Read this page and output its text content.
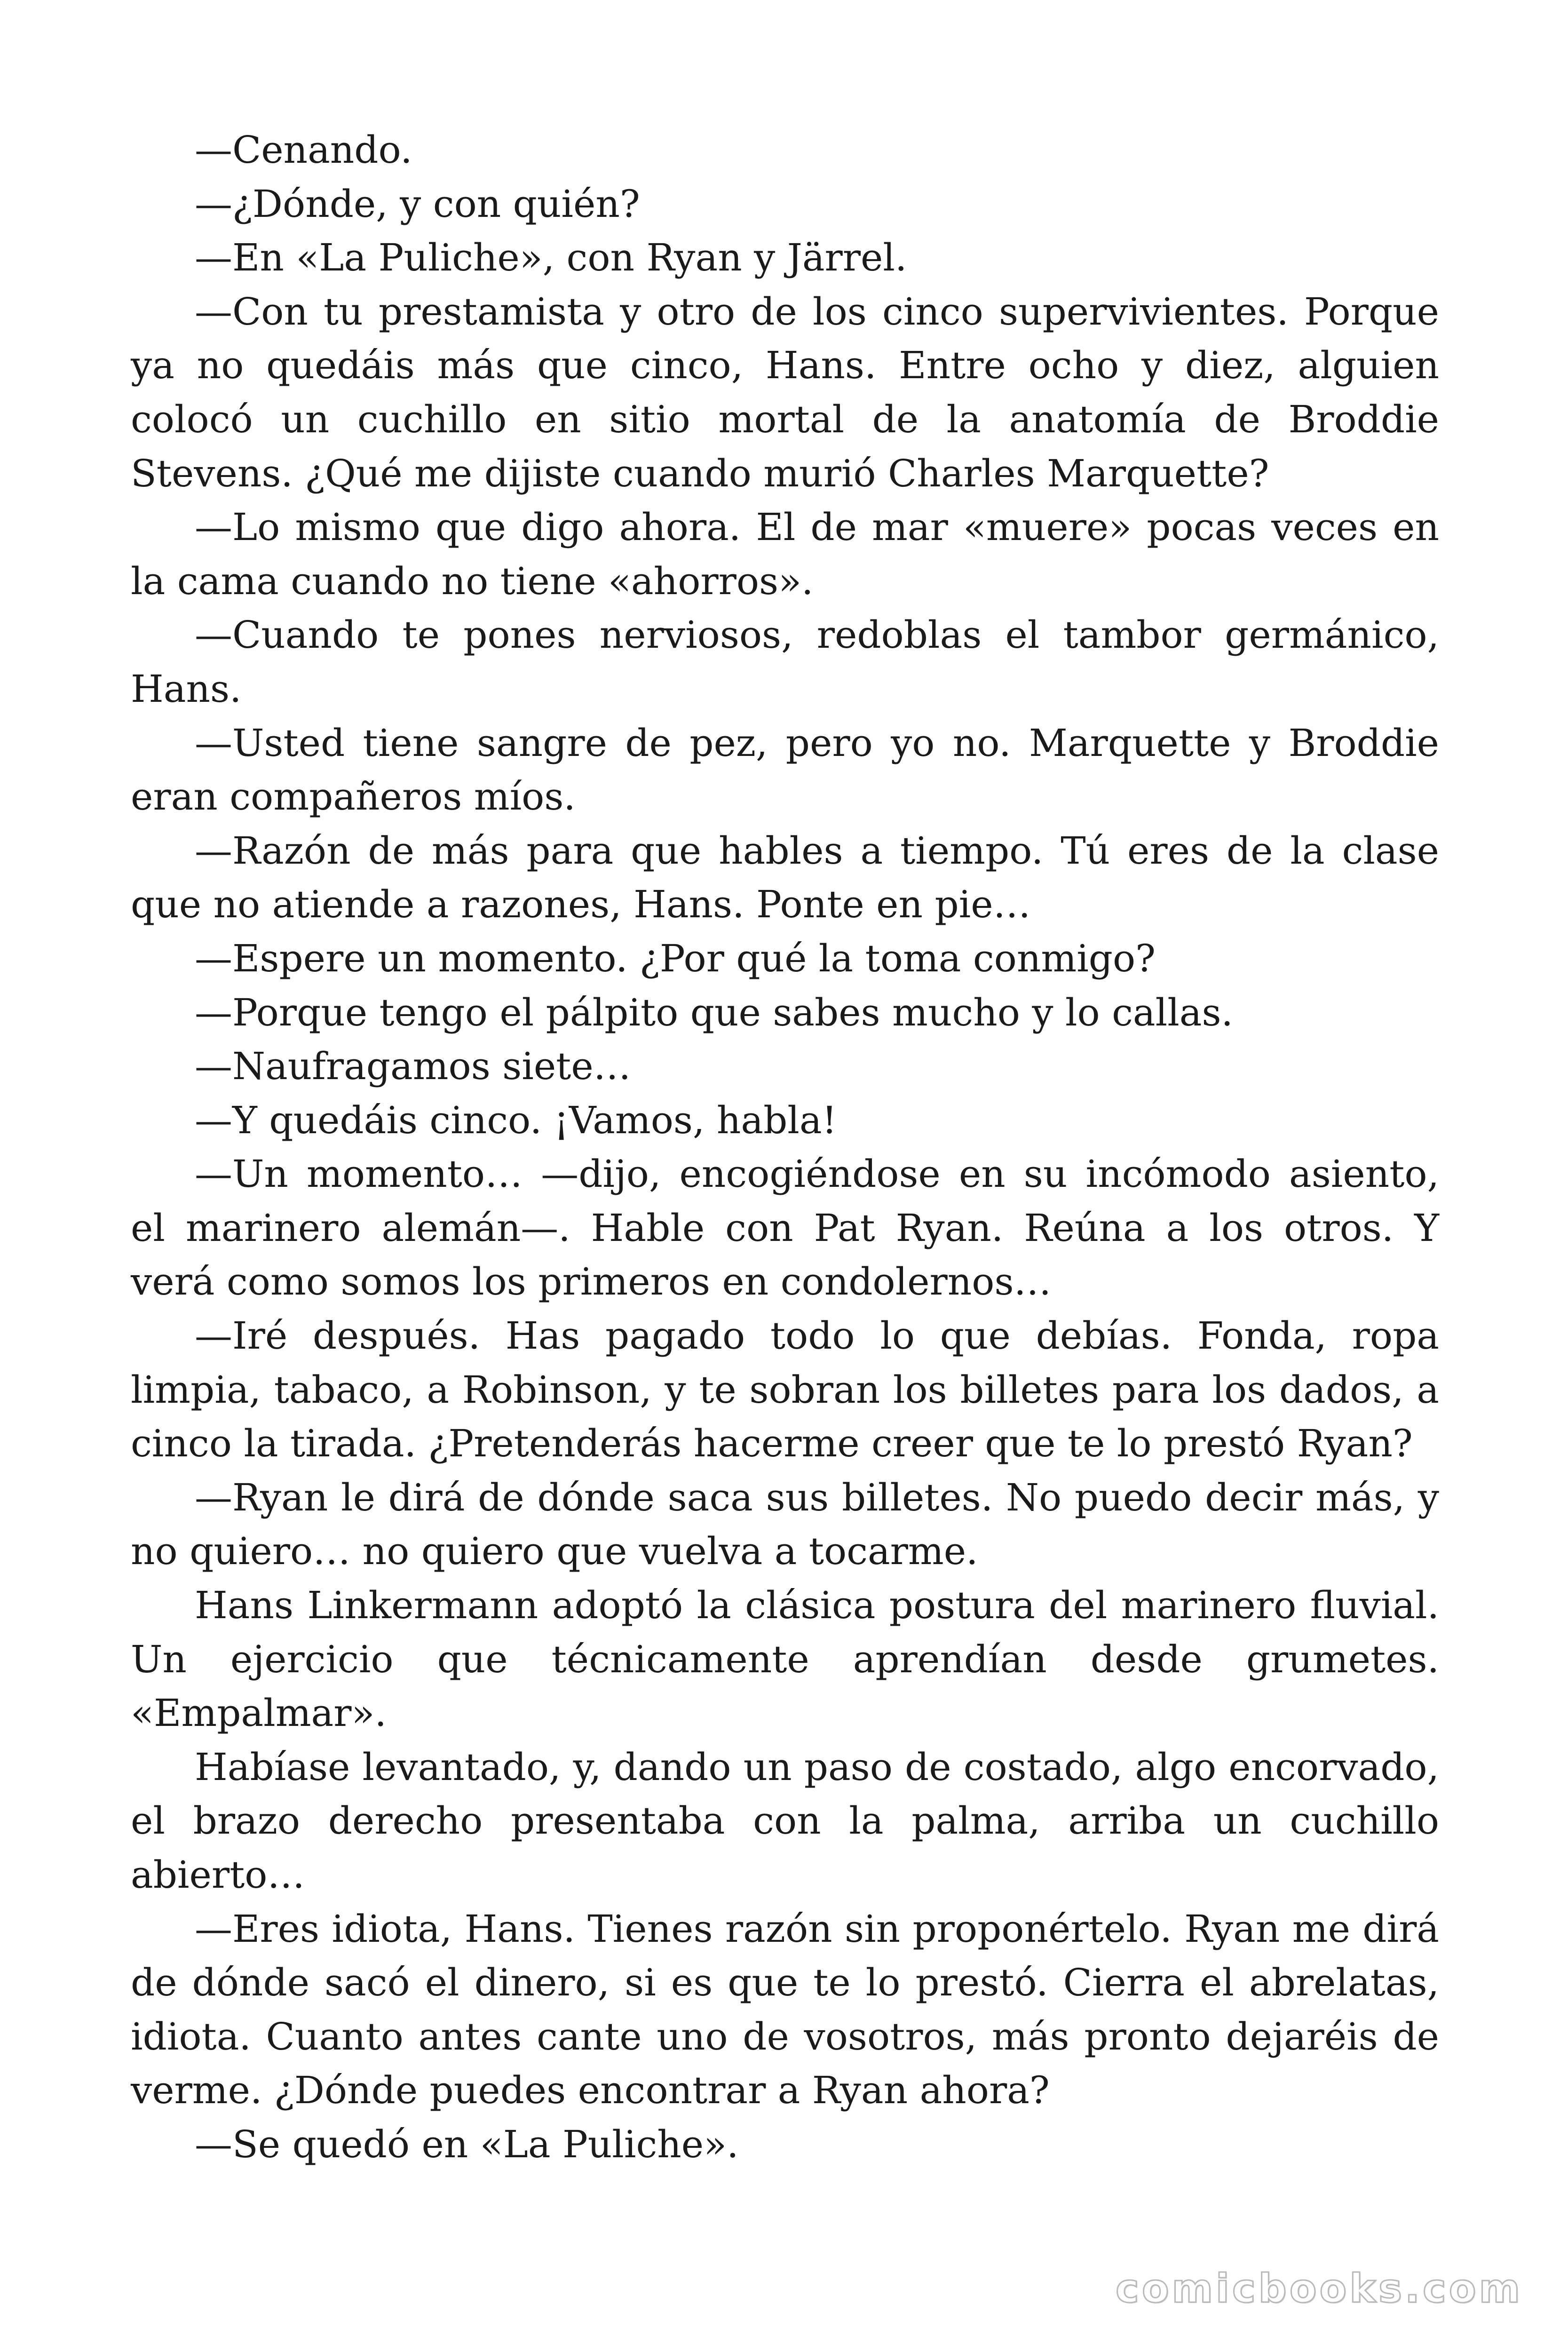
—Cenando.

—¿Dónde, y con quién?

—En «La Puliche», con Ryan y Järrel.

—Con tu prestamista y otro de los cinco supervivientes. Porque ya no quedáis más que cinco, Hans. Entre ocho y diez, alguien colocó un cuchillo en sitio mortal de la anatomía de Broddie Stevens. ¿Qué me dijiste cuando murió Charles Marquette?

—Lo mismo que digo ahora. El de mar «muere» pocas veces en la cama cuando no tiene «ahorros».

—Cuando te pones nerviosos, redoblas el tambor germánico, Hans.

—Usted tiene sangre de pez, pero yo no. Marquette y Broddie eran compañeros míos.

—Razón de más para que hables a tiempo. Tú eres de la clase que no atiende a razones, Hans. Ponte en pie…

—Espere un momento. ¿Por qué la toma conmigo?

—Porque tengo el pálpito que sabes mucho y lo callas.

—Naufragamos siete…

—Y quedáis cinco. ¡Vamos, habla!

—Un momento… —dijo, encogiéndose en su incómodo asiento, el marinero alemán—. Hable con Pat Ryan. Reúna a los otros. Y verá como somos los primeros en condolernos…

—Iré después. Has pagado todo lo que debías. Fonda, ropa limpia, tabaco, a Robinson, y te sobran los billetes para los dados, a cinco la tirada. ¿Pretenderás hacerme creer que te lo prestó Ryan?

—Ryan le dirá de dónde saca sus billetes. No puedo decir más, y no quiero… no quiero que vuelva a tocarme.

Hans Linkermann adoptó la clásica postura del marinero fluvial. Un ejercicio que técnicamente aprendían desde grumetes. «Empalmar».

Habíase levantado, y, dando un paso de costado, algo encorvado, el brazo derecho presentaba con la palma, arriba un cuchillo abierto…

—Eres idiota, Hans. Tienes razón sin proponértelo. Ryan me dirá de dónde sacó el dinero, si es que te lo prestó. Cierra el abrelatas, idiota. Cuanto antes cante uno de vosotros, más pronto dejaréis de verme. ¿Dónde puedes encontrar a Ryan ahora?

—Se quedó en «La Puliche».

comicbooks.com
